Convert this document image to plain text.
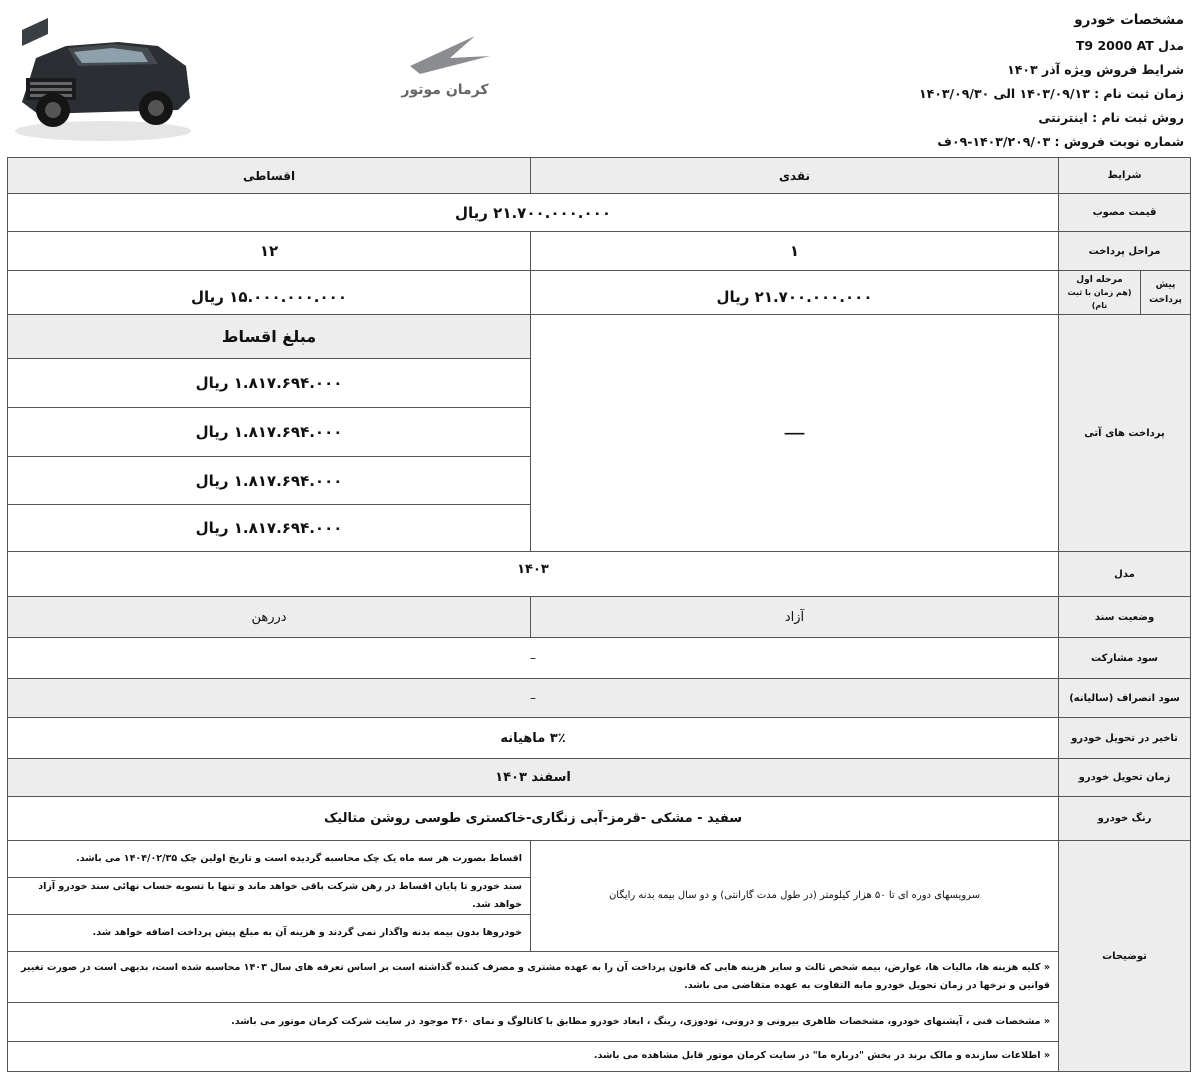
کرمان موتور
مشخصات خودرو
مدل T9 2000 AT
شرایط فروش ویژه آذر ۱۴۰۳
زمان ثبت نام : ۱۴۰۳/۰۹/۱۳ الی ۱۴۰۳/۰۹/۳۰
روش ثبت نام : اینترنتی
شماره نوبت فروش : ۱۴۰۳/۲۰۹/۰۳-۰۹ف
شرایط
نقدی
اقساطی
قیمت مصوب
۲۱.۷۰۰.۰۰۰.۰۰۰ ریال
مراحل پرداخت
۱
۱۲
پیش پرداخت
مرحله اول
(هم زمان با ثبت نام)
۲۱.۷۰۰.۰۰۰.۰۰۰ ریال
۱۵.۰۰۰.۰۰۰.۰۰۰ ریال
پرداخت های آتی
—
مبلغ اقساط
۱.۸۱۷.۶۹۴.۰۰۰ ریال
۱.۸۱۷.۶۹۴.۰۰۰ ریال
۱.۸۱۷.۶۹۴.۰۰۰ ریال
۱.۸۱۷.۶۹۴.۰۰۰ ریال
مدل
۱۴۰۳
وضعیت سند
آزاد
دررهن
سود مشارکت
–
سود انصراف (سالیانه)
–
تاخیر در تحویل خودرو
۳٪ ماهیانه
زمان تحویل خودرو
اسفند ۱۴۰۳
رنگ خودرو
سفید - مشکی -قرمز-آبی زنگاری-خاکستری طوسی روشن متالیک
توضیحات
سرویسهای دوره ای تا ۵۰ هزار کیلومتر (در طول مدت گارانتی) و دو سال بیمه بدنه رایگان
اقساط بصورت هر سه ماه یک چک محاسبه گردیده است و تاریخ اولین چک ۱۴۰۴/۰۲/۳۵ می باشد.
سند خودرو تا پایان اقساط در رهن شرکت باقی خواهد ماند و تنها با تسویه حساب نهائی سند خودرو آزاد خواهد شد.
خودروها بدون بیمه بدنه واگذار نمی گردند و هزینه آن به مبلغ پیش پرداخت اضافه خواهد شد.
« کلیه هزینه ها، مالیات ها، عوارض، بیمه شخص ثالث و سایر هزینه هایی که قانون پرداخت آن را به عهده مشتری و مصرف کننده گذاشته است بر اساس تعرفه های سال ۱۴۰۳ محاسبه شده است، بدیهی است در صورت تغییر قوانین و نرخها در زمان تحویل خودرو مابه التفاوت به عهده متقاضی می باشد.
« مشخصات فنی ، آپشنهای خودرو، مشخصات ظاهری بیرونی و درونی، تودوزی، رینگ ، ابعاد خودرو مطابق با کاتالوگ و نمای ۳۶۰ موجود در سایت شرکت کرمان موتور می باشد.
« اطلاعات سازنده و مالک برند در بخش "درباره ما" در سایت کرمان موتور قابل مشاهده می باشد.
